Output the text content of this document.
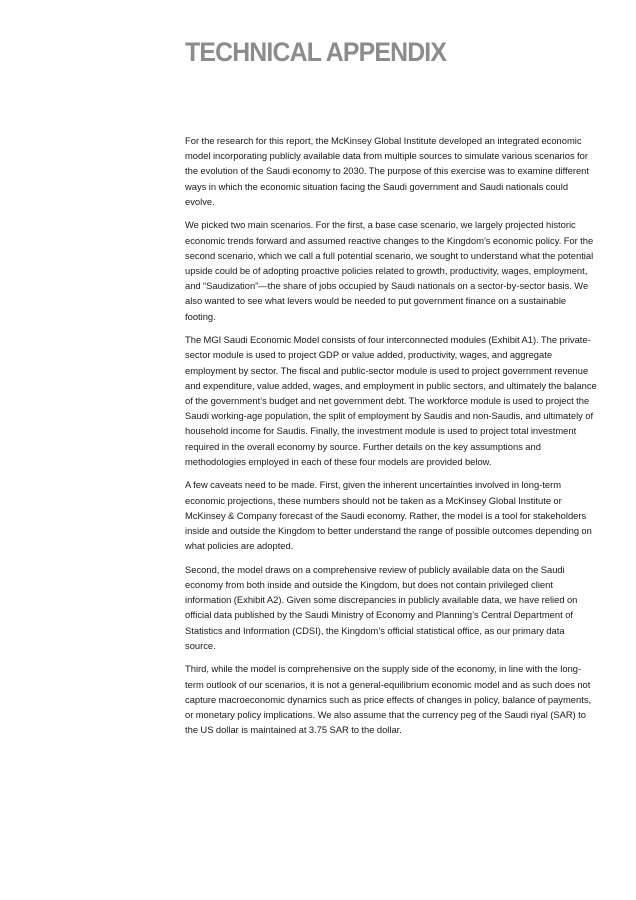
TECHNICAL APPENDIX

For the research for this report, the McKinsey Global Institute developed an integrated economic model incorporating publicly available data from multiple sources to simulate various scenarios for the evolution of the Saudi economy to 2030. The purpose of this exercise was to examine different ways in which the economic situation facing the Saudi government and Saudi nationals could evolve.

We picked two main scenarios. For the first, a base case scenario, we largely projected historic economic trends forward and assumed reactive changes to the Kingdom’s economic policy. For the second scenario, which we call a full potential scenario, we sought to understand what the potential upside could be of adopting proactive policies related to growth, productivity, wages, employment, and “Saudization”—the share of jobs occupied by Saudi nationals on a sector-by-sector basis. We also wanted to see what levers would be needed to put government finance on a sustainable footing.

The MGI Saudi Economic Model consists of four interconnected modules (Exhibit A1). The private-sector module is used to project GDP or value added, productivity, wages, and aggregate employment by sector. The fiscal and public-sector module is used to project government revenue and expenditure, value added, wages, and employment in public sectors, and ultimately the balance of the government’s budget and net government debt. The workforce module is used to project the Saudi working-age population, the split of employment by Saudis and non-Saudis, and ultimately of household income for Saudis. Finally, the investment module is used to project total investment required in the overall economy by source. Further details on the key assumptions and methodologies employed in each of these four models are provided below.

A few caveats need to be made. First, given the inherent uncertainties involved in long-term economic projections, these numbers should not be taken as a McKinsey Global Institute or McKinsey & Company forecast of the Saudi economy. Rather, the model is a tool for stakeholders inside and outside the Kingdom to better understand the range of possible outcomes depending on what policies are adopted.

Second, the model draws on a comprehensive review of publicly available data on the Saudi economy from both inside and outside the Kingdom, but does not contain privileged client information (Exhibit A2). Given some discrepancies in publicly available data, we have relied on official data published by the Saudi Ministry of Economy and Planning’s Central Department of Statistics and Information (CDSI), the Kingdom’s official statistical office, as our primary data source.

Third, while the model is comprehensive on the supply side of the economy, in line with the long-term outlook of our scenarios, it is not a general-equilibrium economic model and as such does not capture macroeconomic dynamics such as price effects of changes in policy, balance of payments, or monetary policy implications. We also assume that the currency peg of the Saudi riyal (SAR) to the US dollar is maintained at 3.75 SAR to the dollar.
